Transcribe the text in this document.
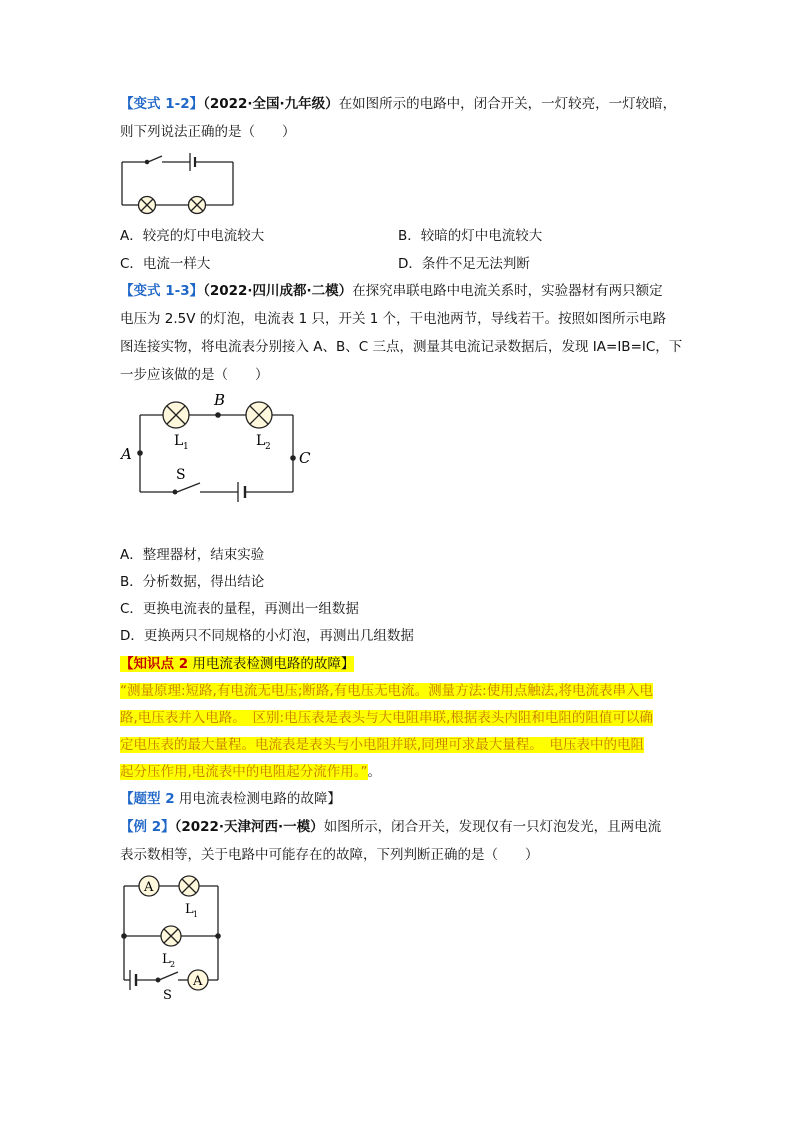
【变式 1-2】（2022·全国·九年级）在如图所示的电路中，闭合开关，一灯较亮，一灯较暗，
则下列说法正确的是（　　）
A．较亮的灯中电流较大	B．较暗的灯中电流较大
C．电流一样大	D．条件不足无法判断
【变式 1-3】（2022·四川成都·二模）在探究串联电路中电流关系时，实验器材有两只额定
电压为 2.5V 的灯泡，电流表 1 只，开关 1 个，干电池两节，导线若干。按照如图所示电路
图连接实物，将电流表分别接入 A、B、C 三点，测量其电流记录数据后，发现 IA=IB=IC，下
一步应该做的是（　　）
B
A	C
L 1	L 2
S
A．整理器材，结束实验
B．分析数据，得出结论
C．更换电流表的量程，再测出一组数据
D．更换两只不同规格的小灯泡，再测出几组数据
【知识点 2 用电流表检测电路的故障】
“测量原理:短路,有电流无电压;断路,有电压无电流。测量方法:使用点触法,将电流表串入电
路,电压表并入电路。　区别:电压表是表头与大电阻串联,根据表头内阻和电阻的阻值可以确
定电压表的最大量程。电流表是表头与小电阻并联,同理可求最大量程。　电压表中的电阻
起分压作用,电流表中的电阻起分流作用。”。
【题型 2 用电流表检测电路的故障】
【例 2】（2022·天津河西·一模）如图所示，闭合开关，发现仅有一只灯泡发光，且两电流
表示数相等，关于电路中可能存在的故障，下列判断正确的是（　　）
A
A
L 1
L 2
S
